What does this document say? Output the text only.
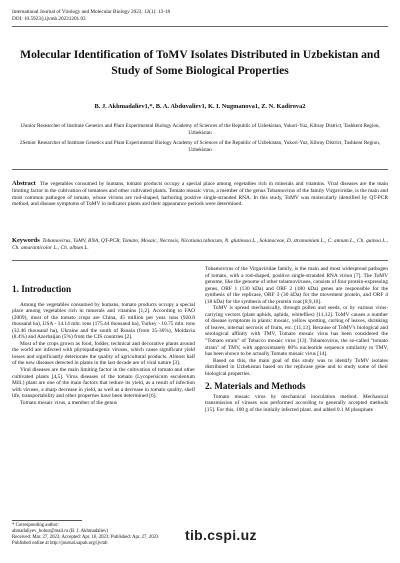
International Journal of Virology and Molecular Biology 2023, 12(1): 13-18
DOI: 10.5923/j.ijvmb.20231201.03
Molecular Identification of ToMV Isolates Distributed in Uzbekistan and Study of Some Biological Properties
B. J. Akhmadaliev1,*, B. A. Abduvaliev1, K. I. Nugmanova1, Z. N. Kadirova2
1Junior Researcher of Institute Genetics and Plant Experimental Biology Academy of Sciences of the Republic of Uzbekistan, Yukori-Yuz, Kibray District, Tashkent Region, Uzbekistan
2Senior Researcher of Institute Genetics and Plant Experimental Biology Academy of Sciences of the Republic of Uzbekistan, Yukori-Yuz, Kibray District, Tashkent Region, Uzbekistan
Abstract The vegetables consumed by humans, tomato products occupy a special place among vegetables rich in minerals and vitamins. Viral diseases are the main limiting factor in the cultivation of tomatoes and other cultivated plants. Tomato mosaic virus, a member of the genus Tobamovirus of the family Virgaviridae, is the main and most common pathogen of tomato, whose virions are rod-shaped, harboring positive single-stranded RNA. In this study, ToMV was molecularly identified by QT-PCR method, and disease symptoms of ToMV in indicator plants and their appearance periods were determined.
Keywords Tobamovirus, ToMV, RNA, QT-PCR, Tomato, Mosaic, Necrosis, Nicotiana tabacum, N. glutinosa L., Solanaceae, D. stramonium L., C. annum L., Ch. quinoa L., Ch. amaranticolor L., Ch. album L.
1. Introduction

Among the vegetables consumed by humans, tomato products occupy a special place among vegetables rich in minerals and vitamins [1,2]. According to FAO (2009), most of the tomato crops are China, 45 million per year. tons (920.8 thousand ha), USA - 14.14 mln. tons (175.44 thousand ha), Turkey - 10.75 mln. tons (32.46 thousand ha), Ukraine and the south of Russia (from 35-36%), Moldavia (8.4%) and Azerbaijan (5%) from the CIS countries [2].

Most of the crops grown as food, fodder, technical and decorative plants around the world are infected with phytopathogenic viruses, which cause significant yield losses and significantly deteriorate the quality of agricultural products. Almost half of the new diseases detected in plants in the last decade are of viral nature [3].

Viral diseases are the main limiting factor in the cultivation of tomato and other cultivated plants [4,5]. Virus diseases of the tomato (Lycopersicum esculentum Mill.) plant are one of the main factors that reduce its yield, as a result of infection with viruses, a sharp decrease in yield, as well as a decrease in tomato quality, shelf life, transportability and other properties have been determined [6].

Tomato mosaic virus, a member of the genus

Tobamovirus of the Virgaviridae family, is the main and most widespread pathogen of tomato, with a rod-shaped, positive single-stranded RNA virion [7]. The ToMV genome, like the genome of other tobamoviruses, consists of four protein-expressing genes, ORF 1 (130 kDa) and ORF 2 (180 kDa) genes are responsible for the synthesis of the replicase, ORF 3 (30 kDa) for the movement protein, and ORF 4 (18 kDa) for the synthesis of the protein coat [8,9,10].

ToMV is spread mechanically, through pollen and seeds, or by various virus-carrying vectors (plant aphids, aphids, whiteflies) [11,12]. ToMV causes a number of disease symptoms in plants: mosaic, yellow spotting, curling of leaves, shrinking of leaves, internal necrosis of fruits, etc. [11,13]. Because of ToMV's biological and serological affinity with TMV, Tomato mosaic virus has been considered the "Tomato strain" of Tobacco mosaic virus [13]. Tobamovirus, the so-called "tomato strain" of TMV, with approximately 80% nucleotide sequence similarity to TMV, has been shown to be actually Tomato mosaic virus [14].

Based on this, the main goal of this study was to identify ToMV isolates distributed in Uzbekistan based on the replicase gene and to study some of their biological properties.

2. Materials and Methods

Tomato mosaic virus by mechanical inoculation method. Mechanical transmission of viruses was performed according to generally accepted methods [15]. For this, 100 g of the initially infected plant. and added 0.1 M phosphate

* Corresponding author:
ahmadaliyev_bobur@mail.ru (B. J. Akhmadaliev)
Received: Mar. 27, 2023; Accepted: Apr. 16, 2023; Published: Apr. 27, 2023
Published online at http://journal.sapub.org/ijvmb
tib.cspi.uz
